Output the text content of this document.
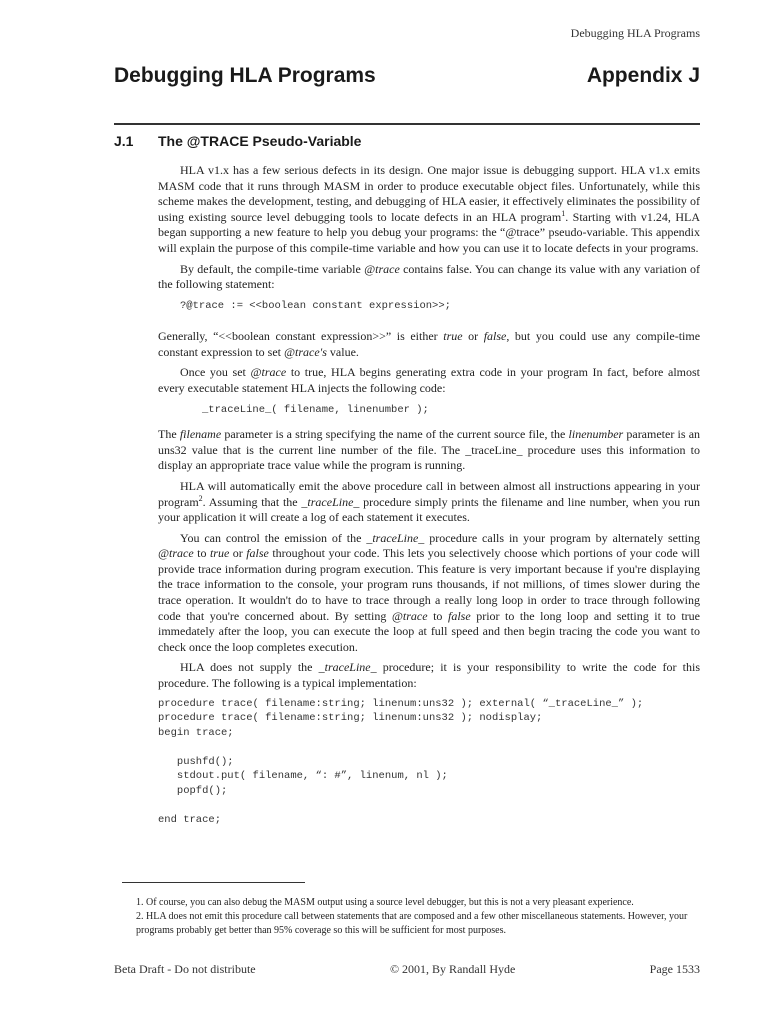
Debugging HLA Programs
Debugging HLA Programs	Appendix J
J.1 The @TRACE Pseudo-Variable

HLA v1.x has a few serious defects in its design. One major issue is debugging support. HLA v1.x emits MASM code that it runs through MASM in order to produce executable object files. Unfortunately, while this scheme makes the development, testing, and debugging of HLA easier, it effectively eliminates the possibility of using existing source level debugging tools to locate defects in an HLA program$^1$. Starting with v1.24, HLA began supporting a new feature to help you debug your programs: the “@trace” pseudo-variable. This appendix will explain the purpose of this compile-time variable and how you can use it to locate defects in your programs.

By default, the compile-time variable @trace contains false. You can change its value with any variation of the following statement:

?@trace := <<boolean constant expression>>;

Generally, “<<boolean constant expression>>” is either true or false, but you could use any compile-time constant expression to set @trace's value.

Once you set @trace to true, HLA begins generating extra code in your program In fact, before almost every executable statement HLA injects the following code:

_traceLine_( filename, linenumber );

The filename parameter is a string specifying the name of the current source file, the linenumber parameter is an uns32 value that is the current line number of the file. The _traceLine_ procedure uses this information to display an appropriate trace value while the program is running.

HLA will automatically emit the above procedure call in between almost all instructions appearing in your program$^2$. Assuming that the _traceLine_ procedure simply prints the filename and line number, when you run your application it will create a log of each statement it executes.

You can control the emission of the _traceLine_ procedure calls in your program by alternately setting @trace to true or false throughout your code. This lets you selectively choose which portions of your code will provide trace information during program execution. This feature is very important because if you're displaying the trace information to the console, your program runs thousands, if not millions, of times slower during the trace operation. It wouldn't do to have to trace through a really long loop in order to trace through following code that you're concerned about. By setting @trace to false prior to the long loop and setting it to true immedately after the loop, you can execute the loop at full speed and then begin tracing the code you want to check once the loop completes execution.

HLA does not supply the _traceLine_ procedure; it is your responsibility to write the code for this procedure. The following is a typical implementation:

procedure trace( filename:string; linenum:uns32 ); external( “_traceLine_” );
procedure trace( filename:string; linenum:uns32 ); nodisplay;
begin trace;

pushfd();
stdout.put( filename, “: #”, linenum, nl );
popfd();

end trace;
1. Of course, you can also debug the MASM output using a source level debugger, but this is not a very pleasant experience.
2. HLA does not emit this procedure call between statements that are composed and a few other miscellaneous statements. However, your programs probably get better than 95% coverage so this will be sufficient for most purposes.
Beta Draft - Do not distribute	© 2001, By Randall Hyde	Page 1533
